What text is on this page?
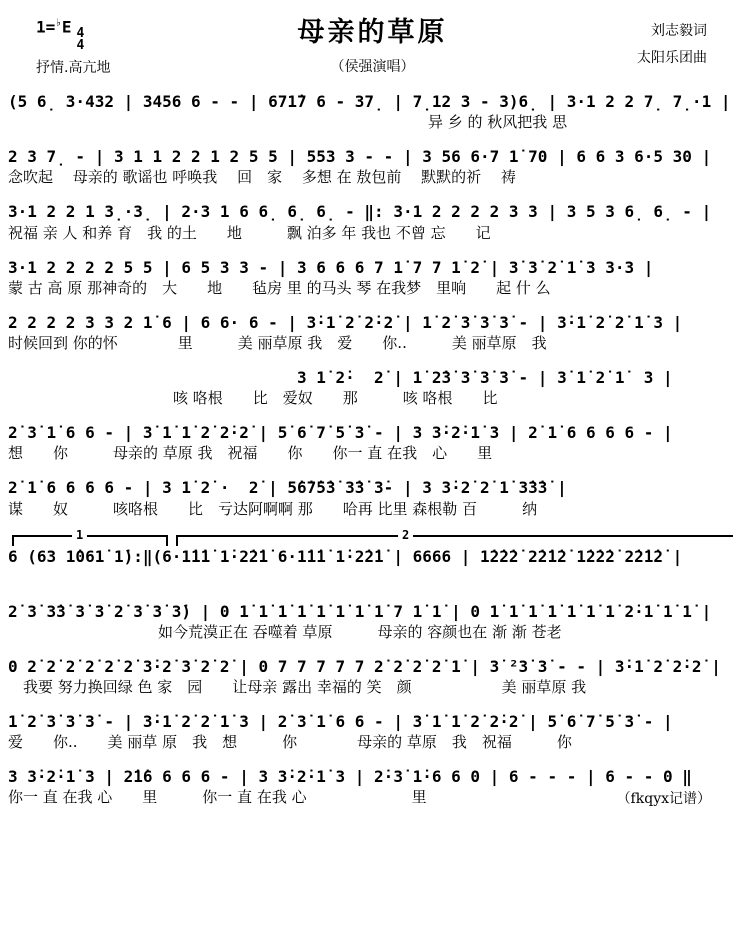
1=♭E 4
4
抒情.高亢地
母亲的草原
（侯强演唱）
刘志毅词
太阳乐团曲
(5 6̣ 3·432 | 3456 6 - - | 671̇7 6 - 37̣ | 7̣12 3 - 3)6̣ | 3·1 2 2 7̣ 7̣·1 |
　　　　　　　　　　　　　　　　　　　　　　　　　　　　异 乡 的 秋风把我 思
2 3 7̣ - | 3 1 1 2 2 1 2 5 5 | 553 3 - - | 3 56 6·7 1̇ 70 | 6 6 3 6·5 30 |
念吹起　 母亲的 歌谣也 呼唤我　 回　家　 多想 在 敖包前　 默默的祈　 祷
3·1 2 2 1 3̣·3̣ | 2·3 1 6 6̣ 6̣ 6̣ - ‖: 3·1 2 2 2 2 3 3 | 3 5 3 6̣ 6̣ - |
祝福 亲 人 和养 育　我 的土　　地　　　飘 泊多 年 我也 不曾 忘　　记
3·1 2 2 2 2 5 5 | 6 5 3 3 - | 3 6 6 6 7 1̇ 7 7 1̇ 2̇ | 3̇ 3̇ 2̇ 1̇ 3 3·3 |
蒙 古 高 原 那神奇的　大　　地　　毡房 里 的马头 琴 在我梦　里响　　起 什 么
2 2 2 2 3 3 2 1̇ 6 | 6 6· 6 - | 3̇·1̇ 2̇ 2̇·2̇ | 1̇ 2̇ 3̇ 3̇ 3̇ - | 3̇·1̇ 2̇ 2̇ 1̇ 3 |
时候回到 你的怀　　　　里　　　美 丽草原 我　爱　　你..　　　美 丽草原　我
3 1̇ 2̇·  2̇ | 1̇ 2̇3̇ 3̇ 3̇ 3̇ - | 3̇ 1̇ 2̇ 1̇  3 |
　　　　　　　　　　　咳 咯根　　比　爱奴　　那　　　咳 咯根　　比
2̇ 3̇ 1̇ 6 6 - | 3̇ 1̇ 1̇ 2̇ 2̇·2̇ | 5̇ 6̇ 7̇ 5̇ 3̇ - | 3 3̇·2̇·1̇ 3 | 2̇ 1̇ 6 6 6 6 - |
想　　你　　　母亲的 草原 我　祝福　　你　　你一 直 在我　心　　里
2̇ 1̇ 6 6 6 6 - | 3 1̇ 2̇ ·  2̇ | 5̇6̇7̇5̇3̇ 3̇3̇ 3̇- | 3 3̇·2̇ 2̇ 1̇ 3̇3̇3̇ |
谋　　奴　　　咳咯根　　比　亏达阿啊啊 那　　哈再 比里 森根勒 百　　　纳
1	2
6 (63 1̇061̇ 1̇):‖(6·1̇1̇1̇ 1̇·2̇2̇1̇ 6·1̇1̇1̇ 1̇·2̇2̇1̇ | 6666 | 1̇2̇2̇2̇ 2̇2̇1̇2̇ 1̇2̇2̇2̇ 2̇2̇1̇2̇ |
2̇ 3̇ 3̇3̇ 3̇ 3̇ 2̇ 3̇ 3̇ 3̇) | 0 1̇ 1̇ 1̇ 1̇ 1̇ 1̇ 1̇ 1̇ 7 1̇ 1̇ | 0 1̇ 1̇ 1̇ 1̇ 1̇ 1̇ 1̇ 2̇·1̇ 1̇ 1̇ |
　　　　　　　　　　如今荒漠正在 吞噬着 草原　　　母亲的 容颜也在 渐 渐 苍老
0 2̇ 2̇ 2̇ 2̇ 2̇ 2̇ 3̇·2̇ 3̇ 2̇ 2̇ | 0 7 7 7 7 7 2̇ 2̇ 2̇ 2̇ 1̇ | 3̇ ²3̇ 3̇ - - | 3̇·1̇ 2̇ 2̇·2̇ |
　我要 努力换回绿 色 家　园　　让母亲 露出 幸福的 笑　颜　　　　　　美 丽草原 我
1̇ 2̇ 3̇ 3̇ 3̇ - | 3̇·1̇ 2̇ 2̇ 1̇ 3 | 2̇ 3̇ 1̇ 6 6 - | 3̇ 1̇ 1̇ 2̇ 2̇·2̇ | 5̇ 6̇ 7̇ 5̇ 3̇ - |
爱　　你..　　美 丽草 原　我　想　　　你　　　　母亲的 草原　我　祝福　　　你
3 3̇·2̇·1̇ 3 | 2̇1̇6 6 6 6 - | 3 3̇·2̇·1̇ 3 | 2̇·3̇ 1̇·6 6 0 | 6 - - - | 6 - - 0 ‖
你一 直 在我 心　　里　　　你一 直 在我 心　　　　　　　里	（fkqyx记谱）
